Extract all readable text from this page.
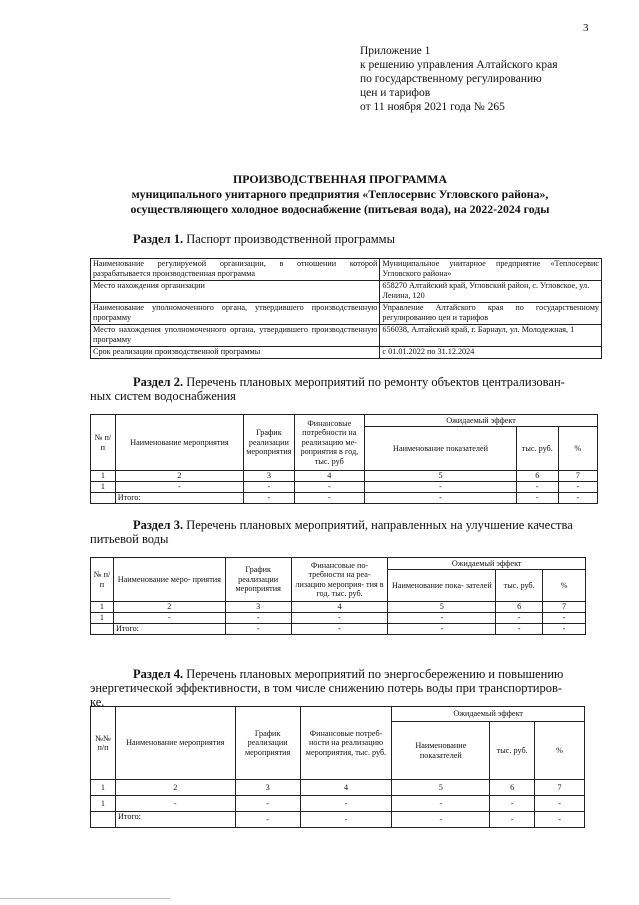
3
Приложение 1
к решению управления Алтайского края
по государственному регулированию
цен и тарифов
от 11 ноября 2021 года № 265
ПРОИЗВОДСТВЕННАЯ ПРОГРАММА
муниципального унитарного предприятия «Теплосервис Угловского района»,
осуществляющего холодное водоснабжение (питьевая вода), на 2022-2024 годы
Раздел 1. Паспорт производственной программы
Наименование регулируемой организации, в отношении которой разрабатывается производственная программа	Муниципальное унитарное предприятие «Теплосервис Угловского района»
Место нахождения организации	658270 Алтайский край, Угловский район, с. Угловское, ул. Ленина, 120
Наименование уполномоченного органа, утвердившего производственную программу	Управление Алтайского края по государственному регулированию цен и тарифов
Место нахождения уполномоченного органа, утвердившего производственную программу	656038, Алтайский край, г. Барнаул, ул. Молодежная, 1
Срок реализации производственной программы	с 01.01.2022 по 31.12.2024
Раздел 2. Перечень плановых мероприятий по ремонту объектов централизован-
ных систем водоснабжения
№ п/п	Наименование мероприятия	График реализации мероприятия	Финансовые потребности на реализацию ме- роприятия в год, тыс. руб	Ожидаемый эффект		
				Наименование показателей	тыс. руб.	%
1	2	3	4	5	6	7
1	-	-	-	-	-	-
	Итого:	-	-	-	-	-
Раздел 3. Перечень плановых мероприятий, направленных на улучшение качества
питьевой воды
№ п/п	Наименование меро- приятия	График реализации мероприятия	Финансовые по- требности на реа- лизацию мероприя- тия в год. тыс. руб.	Ожидаемый эффект		
				Наименование пока- зателей	тыс. руб.	%
1	2	3	4	5	6	7
1	-	-	-	-	-	-
	Итого:	-	-	-	-	-
Раздел 4. Перечень плановых мероприятий по энергосбережению и повышению
энергетической эффективности, в том числе снижению потерь воды при транспортиров-
ке.
№№ п/п	Наименование мероприятия	График реализации мероприятия	Финансовые потреб- ности на реализацию мероприятия, тыс. руб.	Ожидаемый эффект		
				Наименование показателей	тыс. руб.	%
1	2	3	4	5	6	7
1	-	-	-	-	-	-
	Итого:	-	-	-	-	-
